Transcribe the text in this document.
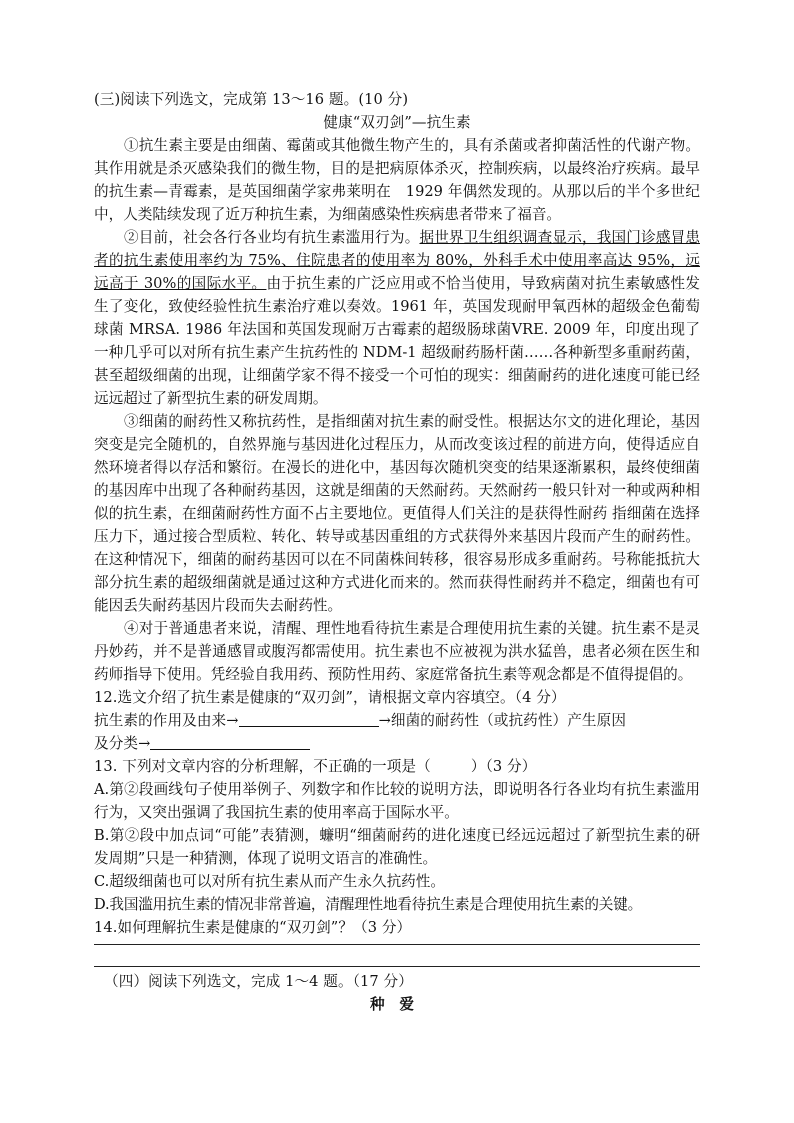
(三)阅读下列选文，完成第 13～16 题。(10 分)
健康“双刃剑”—抗生素

①抗生素主要是由细菌、霉菌或其他微生物产生的，具有杀菌或者抑菌活性的代谢产物。其作用就是杀灭感染我们的微生物，目的是把病原体杀灭，控制疾病，以最终治疗疾病。最早的抗生素—青霉素，是英国细菌学家弗莱明在　1929 年偶然发现的。从那以后的半个多世纪中，人类陆续发现了近万种抗生素，为细菌感染性疾病患者带来了福音。

②目前，社会各行各业均有抗生素滥用行为。据世界卫生组织调查显示，我国门诊感冒患者的抗生素使用率约为 75%、住院患者的使用率为 80%，外科手术中使用率高达 95%，远远高于 30%的国际水平。由于抗生素的广泛应用或不恰当使用，导致病菌对抗生素敏感性发生了变化，致使经验性抗生素治疗难以奏效。1961 年，英国发现耐甲氧西林的超级金色葡萄球菌 MRSA. 1986 年法国和英国发现耐万古霉素的超级肠球菌VRE. 2009 年，印度出现了一种几乎可以对所有抗生素产生抗药性的 NDM-1 超级耐药肠杆菌……各种新型多重耐药菌，甚至超级细菌的出现，让细菌学家不得不接受一个可怕的现实：细菌耐药的进化速度可能已经远远超过了新型抗生素的研发周期。

③细菌的耐药性又称抗药性，是指细菌对抗生素的耐受性。根据达尔文的进化理论，基因突变是完全随机的，自然界施与基因进化过程压力，从而改变该过程的前进方向，使得适应自然环境者得以存活和繁衍。在漫长的进化中，基因每次随机突变的结果逐渐累积，最终使细菌的基因库中出现了各种耐药基因，这就是细菌的天然耐药。天然耐药一般只针对一种或两种相似的抗生素，在细菌耐药性方面不占主要地位。更值得人们关注的是获得性耐药 指细菌在选择压力下，通过接合型质粒、转化、转导或基因重组的方式获得外来基因片段而产生的耐药性。在这种情况下，细菌的耐药基因可以在不同菌株间转移，很容易形成多重耐药。号称能抵抗大部分抗生素的超级细菌就是通过这种方式进化而来的。然而获得性耐药并不稳定，细菌也有可能因丢失耐药基因片段而失去耐药性。

④对于普通患者来说，清醒、理性地看待抗生素是合理使用抗生素的关键。抗生素不是灵丹妙药，并不是普通感冒或腹泻都需使用。抗生素也不应被视为洪水猛兽，患者必须在医生和药师指导下使用。凭经验自我用药、预防性用药、家庭常备抗生素等观念都是不值得提倡的。

12.选文介绍了抗生素是健康的“双刃剑”，请根据文章内容填空。（4 分）
抗生素的作用及由来→	→细菌的耐药性（或抗药性）产生原因
及分类→
13. 下列对文章内容的分析理解，不正确的一项是（	）（3 分）

A.第②段画线句子使用举例子、列数字和作比较的说明方法，即说明各行各业均有抗生素滥用行为，又突出强调了我国抗生素的使用率高于国际水平。

B.第②段中加点词“可能”表猜测，蠊明“细菌耐药的进化速度已经远远超过了新型抗生素的研发周期”只是一种猜测，体现了说明文语言的准确性。

C.超级细菌也可以对所有抗生素从而产生永久抗药性。

D.我国滥用抗生素的情况非常普遍，清醒理性地看待抗生素是合理使用抗生素的关键。

14.如何理解抗生素是健康的“双刃剑”？（3 分）
（四）阅读下列选文，完成 1～4 题。（17 分）
种　爱
